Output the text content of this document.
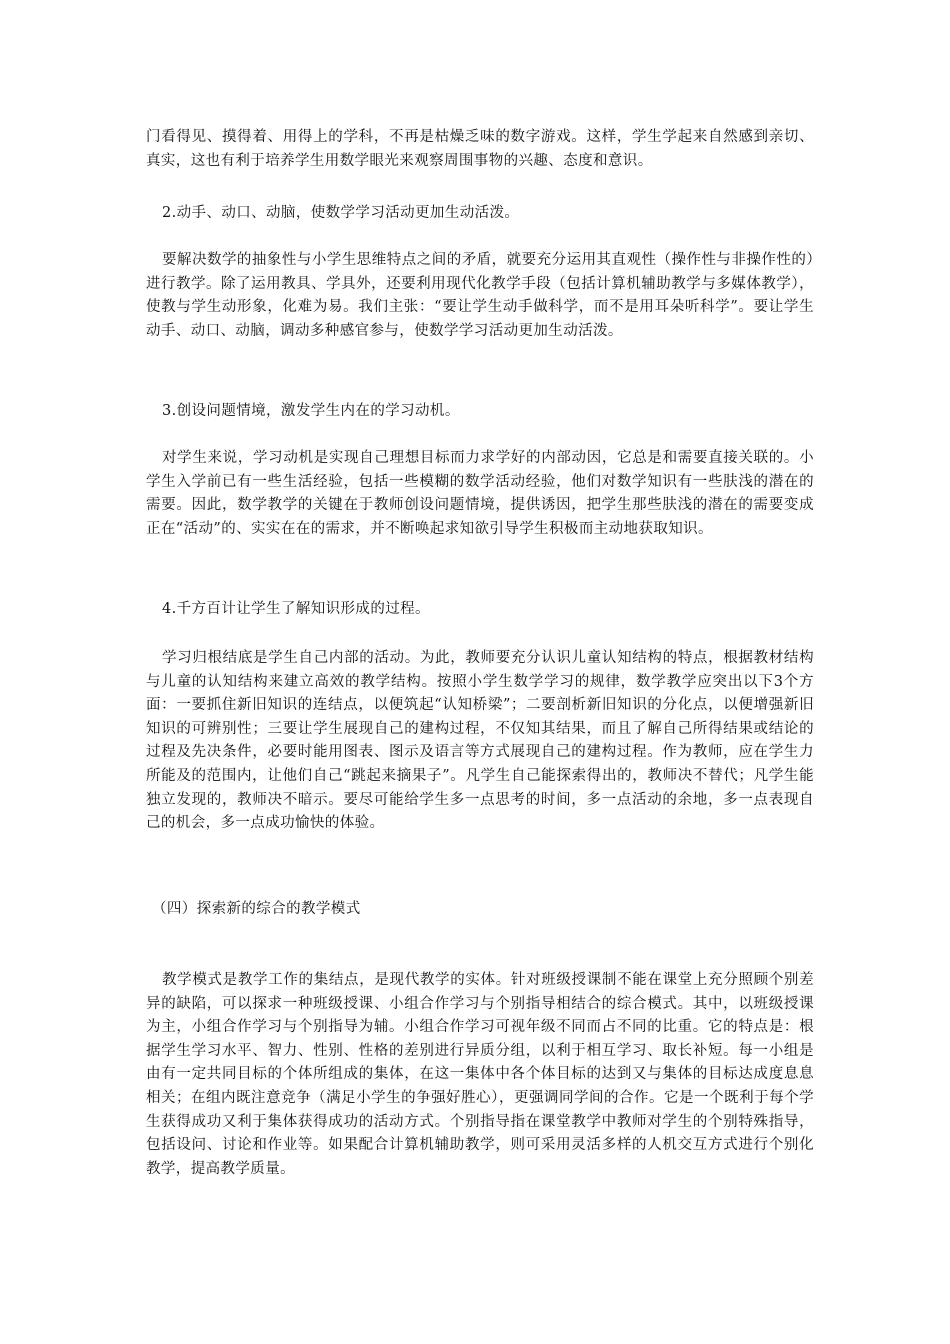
门看得见、摸得着、用得上的学科，不再是枯燥乏味的数字游戏。这样，学生学起来自然感到亲切、真实，这也有利于培养学生用数学眼光来观察周围事物的兴趣、态度和意识。

2.动手、动口、动脑，使数学学习活动更加生动活泼。

要解决数学的抽象性与小学生思维特点之间的矛盾，就要充分运用其直观性（操作性与非操作性的）进行教学。除了运用教具、学具外，还要利用现代化教学手段（包括计算机辅助教学与多媒体教学），使教与学生动形象，化难为易。我们主张：“要让学生动手做科学，而不是用耳朵听科学”。要让学生动手、动口、动脑，调动多种感官参与，使数学学习活动更加生动活泼。

3.创设问题情境，激发学生内在的学习动机。

对学生来说，学习动机是实现自己理想目标而力求学好的内部动因，它总是和需要直接关联的。小学生入学前已有一些生活经验，包括一些模糊的数学活动经验，他们对数学知识有一些肤浅的潜在的需要。因此，数学教学的关键在于教师创设问题情境，提供诱因，把学生那些肤浅的潜在的需要变成正在“活动”的、实实在在的需求，并不断唤起求知欲引导学生积极而主动地获取知识。

4.千方百计让学生了解知识形成的过程。

学习归根结底是学生自己内部的活动。为此，教师要充分认识儿童认知结构的特点，根据教材结构与儿童的认知结构来建立高效的教学结构。按照小学生数学学习的规律，数学教学应突出以下3个方面：一要抓住新旧知识的连结点，以便筑起“认知桥梁”；二要剖析新旧知识的分化点，以便增强新旧知识的可辨别性；三要让学生展现自己的建构过程，不仅知其结果，而且了解自己所得结果或结论的过程及先决条件，必要时能用图表、图示及语言等方式展现自己的建构过程。作为教师，应在学生力所能及的范围内，让他们自己“跳起来摘果子”。凡学生自己能探索得出的，教师决不替代；凡学生能独立发现的，教师决不暗示。要尽可能给学生多一点思考的时间，多一点活动的余地，多一点表现自己的机会，多一点成功愉快的体验。

（四）探索新的综合的教学模式

教学模式是教学工作的集结点，是现代教学的实体。针对班级授课制不能在课堂上充分照顾个别差异的缺陷，可以探求一种班级授课、小组合作学习与个别指导相结合的综合模式。其中，以班级授课为主，小组合作学习与个别指导为辅。小组合作学习可视年级不同而占不同的比重。它的特点是：根据学生学习水平、智力、性别、性格的差别进行异质分组，以利于相互学习、取长补短。每一小组是由有一定共同目标的个体所组成的集体，在这一集体中各个体目标的达到又与集体的目标达成度息息相关；在组内既注意竞争（满足小学生的争强好胜心），更强调同学间的合作。它是一个既利于每个学生获得成功又利于集体获得成功的活动方式。个别指导指在课堂教学中教师对学生的个别特殊指导，包括设问、讨论和作业等。如果配合计算机辅助教学，则可采用灵活多样的人机交互方式进行个别化教学，提高教学质量。
